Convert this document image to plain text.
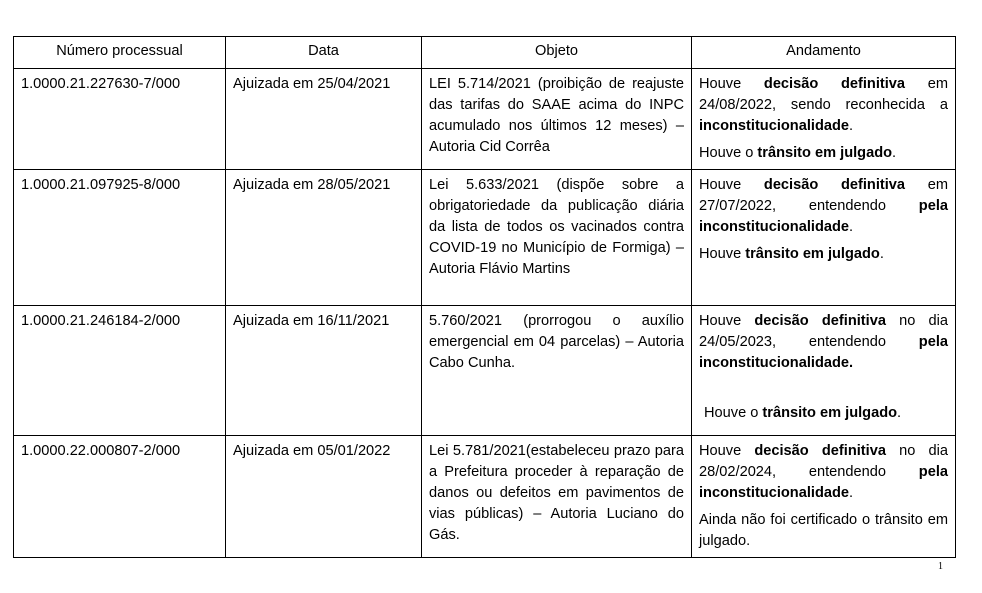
Número processual	Data	Objeto	Andamento
1.0000.21.227630-7/000	Ajuizada em 25/04/2021	LEI 5.714/2021 (proibição de reajuste das tarifas do SAAE acima do INPC acumulado nos últimos 12 meses) – Autoria Cid Corrêa	Houve decisão definitiva em 24/08/2022, sendo reconhecida a inconstitucionalidade.

Houve o trânsito em julgado.

1.0000.21.097925-8/000	Ajuizada em 28/05/2021	Lei 5.633/2021 (dispõe sobre a obrigatoriedade da publicação diária da lista de todos os vacinados contra COVID-19 no Município de Formiga) – Autoria Flávio Martins	Houve decisão definitiva em 27/07/2022, entendendo pela inconstitucionalidade.

Houve trânsito em julgado.

1.0000.21.246184-2/000	Ajuizada em 16/11/2021	5.760/2021 (prorrogou o auxílio emergencial em 04 parcelas) – Autoria Cabo Cunha.	Houve decisão definitiva no dia 24/05/2023, entendendo pela inconstitucionalidade.

Houve o trânsito em julgado.

1.0000.22.000807-2/000	Ajuizada em 05/01/2022	Lei 5.781/2021(estabeleceu prazo para a Prefeitura proceder à reparação de danos ou defeitos em pavimentos de vias públicas) – Autoria Luciano do Gás.	Houve decisão definitiva no dia 28/02/2024, entendendo pela inconstitucionalidade.

Ainda não foi certificado o trânsito em julgado.

1
